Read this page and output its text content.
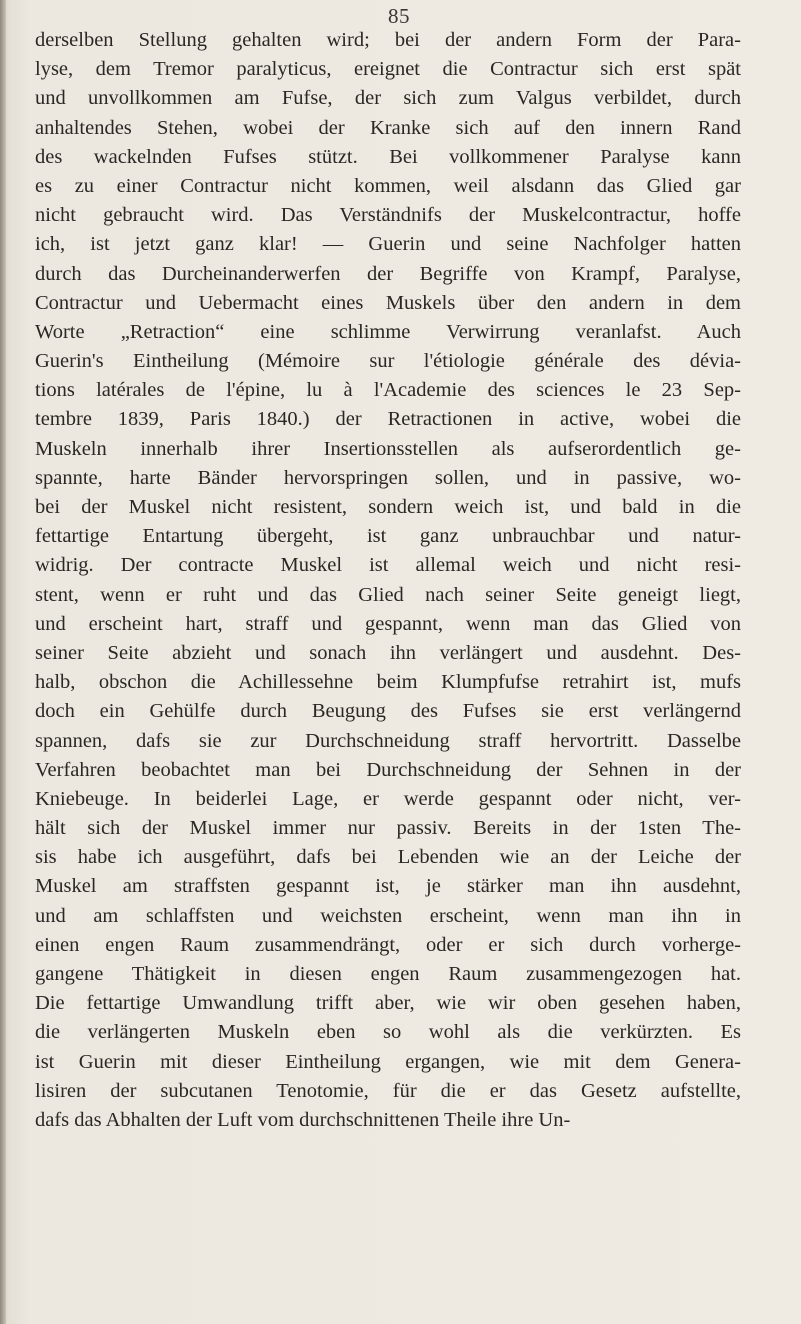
85
derselben Stellung gehalten wird; bei der andern Form der Para-
lyse, dem Tremor paralyticus, ereignet die Contractur sich erst spät
und unvollkommen am Fufse, der sich zum Valgus verbildet, durch
anhaltendes Stehen, wobei der Kranke sich auf den innern Rand
des wackelnden Fufses stützt. Bei vollkommener Paralyse kann
es zu einer Contractur nicht kommen, weil alsdann das Glied gar
nicht gebraucht wird. Das Verständnifs der Muskelcontractur, hoffe
ich, ist jetzt ganz klar! — Guerin und seine Nachfolger hatten
durch das Durcheinanderwerfen der Begriffe von Krampf, Paralyse,
Contractur und Uebermacht eines Muskels über den andern in dem
Worte „Retraction“ eine schlimme Verwirrung veranlafst. Auch
Guerin's Eintheilung (Mémoire sur l'étiologie générale des dévia-
tions latérales de l'épine, lu à l'Academie des sciences le 23 Sep-
tembre 1839, Paris 1840.) der Retractionen in active, wobei die
Muskeln innerhalb ihrer Insertionsstellen als aufserordentlich ge-
spannte, harte Bänder hervorspringen sollen, und in passive, wo-
bei der Muskel nicht resistent, sondern weich ist, und bald in die
fettartige Entartung übergeht, ist ganz unbrauchbar und natur-
widrig. Der contracte Muskel ist allemal weich und nicht resi-
stent, wenn er ruht und das Glied nach seiner Seite geneigt liegt,
und erscheint hart, straff und gespannt, wenn man das Glied von
seiner Seite abzieht und sonach ihn verlängert und ausdehnt. Des-
halb, obschon die Achillessehne beim Klumpfufse retrahirt ist, mufs
doch ein Gehülfe durch Beugung des Fufses sie erst verlängernd
spannen, dafs sie zur Durchschneidung straff hervortritt. Dasselbe
Verfahren beobachtet man bei Durchschneidung der Sehnen in der
Kniebeuge. In beiderlei Lage, er werde gespannt oder nicht, ver-
hält sich der Muskel immer nur passiv. Bereits in der 1sten The-
sis habe ich ausgeführt, dafs bei Lebenden wie an der Leiche der
Muskel am straffsten gespannt ist, je stärker man ihn ausdehnt,
und am schlaffsten und weichsten erscheint, wenn man ihn in
einen engen Raum zusammendrängt, oder er sich durch vorherge-
gangene Thätigkeit in diesen engen Raum zusammengezogen hat.
Die fettartige Umwandlung trifft aber, wie wir oben gesehen haben,
die verlängerten Muskeln eben so wohl als die verkürzten. Es
ist Guerin mit dieser Eintheilung ergangen, wie mit dem Genera-
lisiren der subcutanen Tenotomie, für die er das Gesetz aufstellte,
dafs das Abhalten der Luft vom durchschnittenen Theile ihre Un-
